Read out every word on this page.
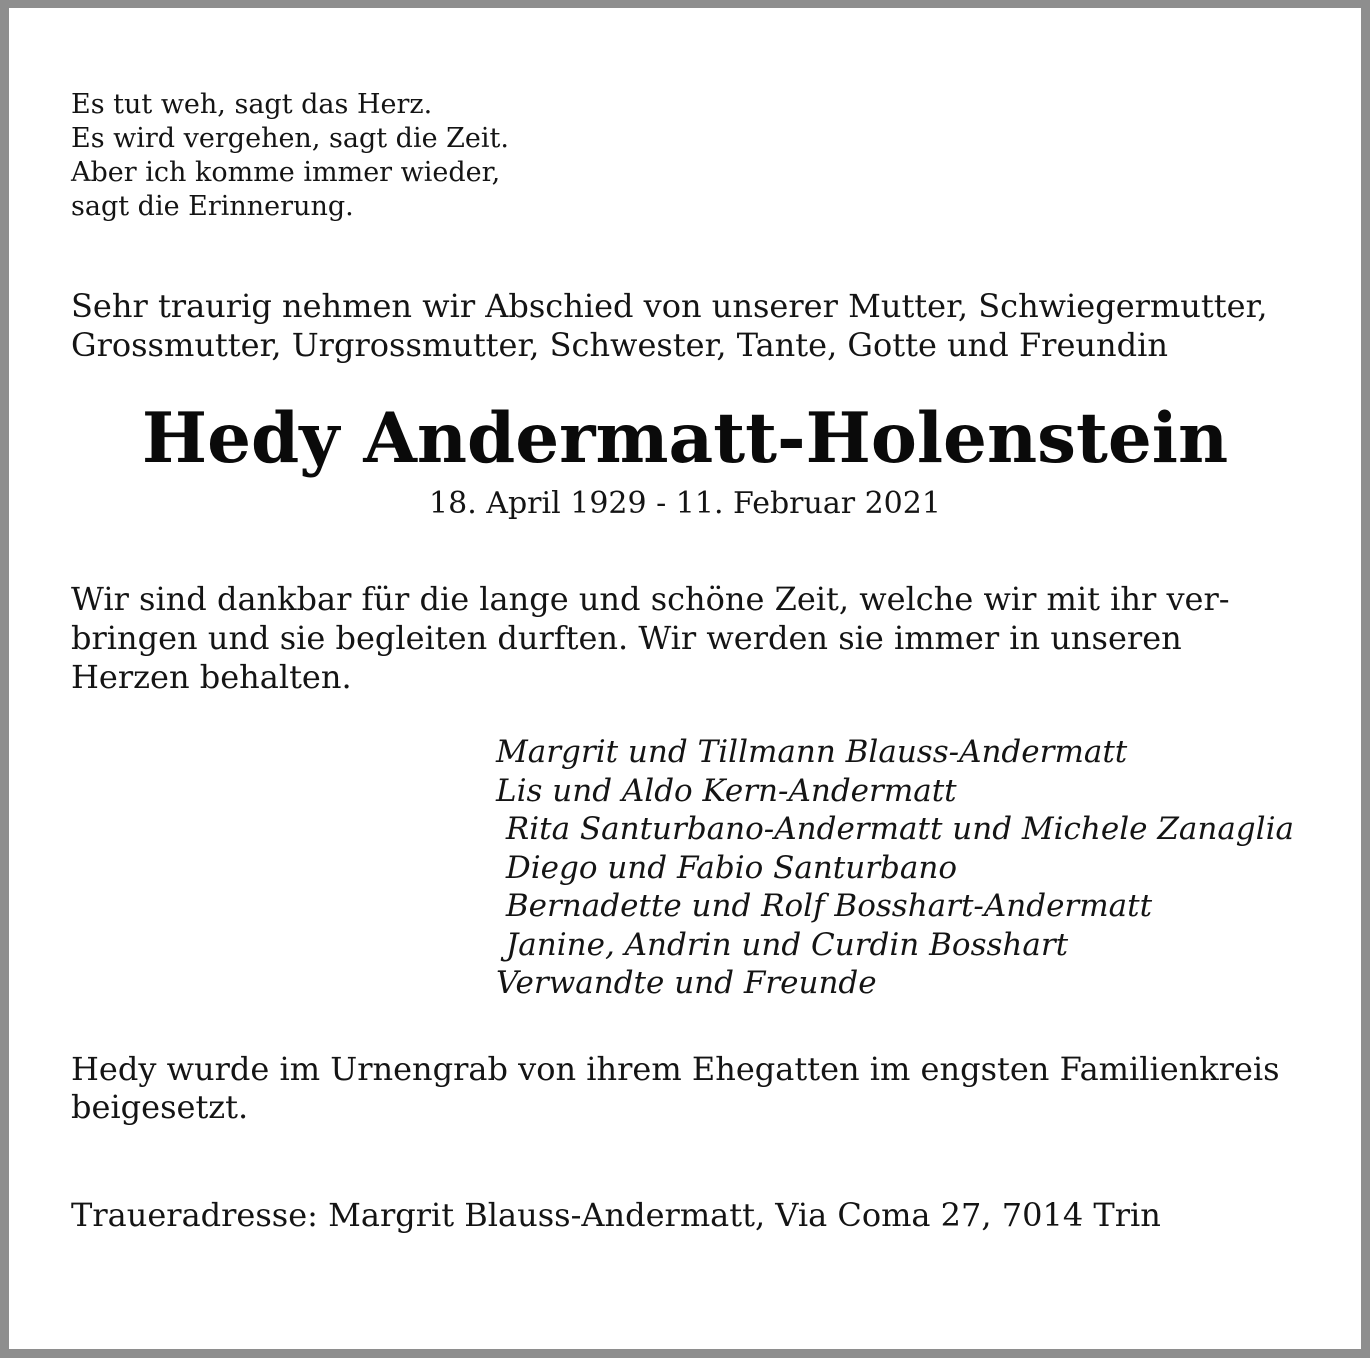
Es tut weh, sagt das Herz.
Es wird vergehen, sagt die Zeit.
Aber ich komme immer wieder,
sagt die Erinnerung.
Sehr traurig nehmen wir Abschied von unserer Mutter, Schwiegermutter,
Grossmutter, Urgrossmutter, Schwester, Tante, Gotte und Freundin
Hedy Andermatt-Holenstein
18. April 1929 - 11. Februar 2021
Wir sind dankbar für die lange und schöne Zeit, welche wir mit ihr ver-
bringen und sie begleiten durften. Wir werden sie immer in unseren
Herzen behalten.
Margrit und Tillmann Blauss-Andermatt
Lis und Aldo Kern-Andermatt
Rita Santurbano-Andermatt und Michele Zanaglia
Diego und Fabio Santurbano
Bernadette und Rolf Bosshart-Andermatt
Janine, Andrin und Curdin Bosshart
Verwandte und Freunde
Hedy wurde im Urnengrab von ihrem Ehegatten im engsten Familienkreis
beigesetzt.
Traueradresse: Margrit Blauss-Andermatt, Via Coma 27, 7014 Trin
